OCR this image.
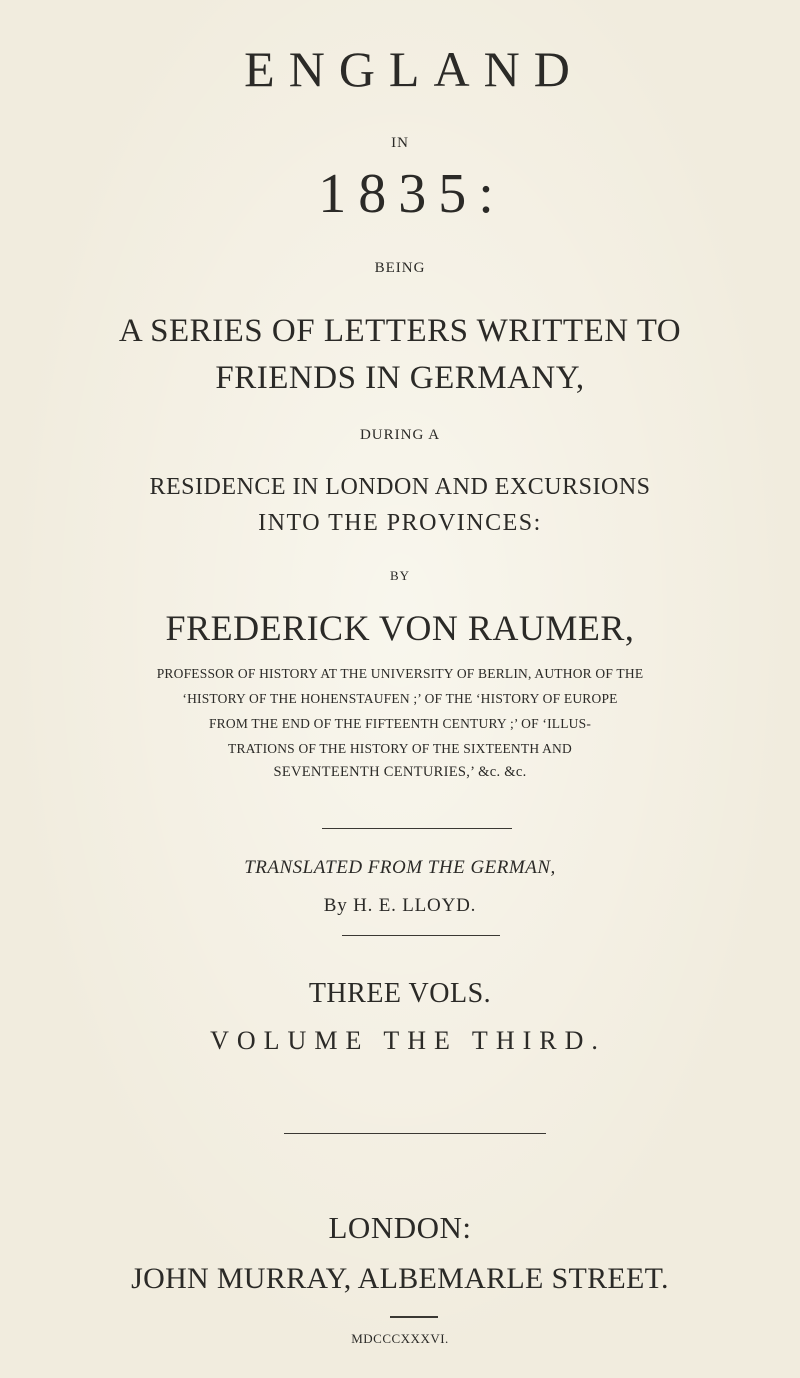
ENGLAND
IN
1835:
BEING
A SERIES OF LETTERS WRITTEN TO
FRIENDS IN GERMANY,
DURING A
RESIDENCE IN LONDON AND EXCURSIONS
INTO THE PROVINCES:
BY
FREDERICK VON RAUMER,
PROFESSOR OF HISTORY AT THE UNIVERSITY OF BERLIN, AUTHOR OF THE
‘HISTORY OF THE HOHENSTAUFEN ;’ OF THE ‘HISTORY OF EUROPE
FROM THE END OF THE FIFTEENTH CENTURY ;’ OF ‘ILLUS-
TRATIONS OF THE HISTORY OF THE SIXTEENTH AND
SEVENTEENTH CENTURIES,’ &c. &c.
TRANSLATED FROM THE GERMAN,
By H. E. LLOYD.
THREE VOLS.
VOLUME THE THIRD.
LONDON:
JOHN MURRAY, ALBEMARLE STREET.
MDCCCXXXVI.
